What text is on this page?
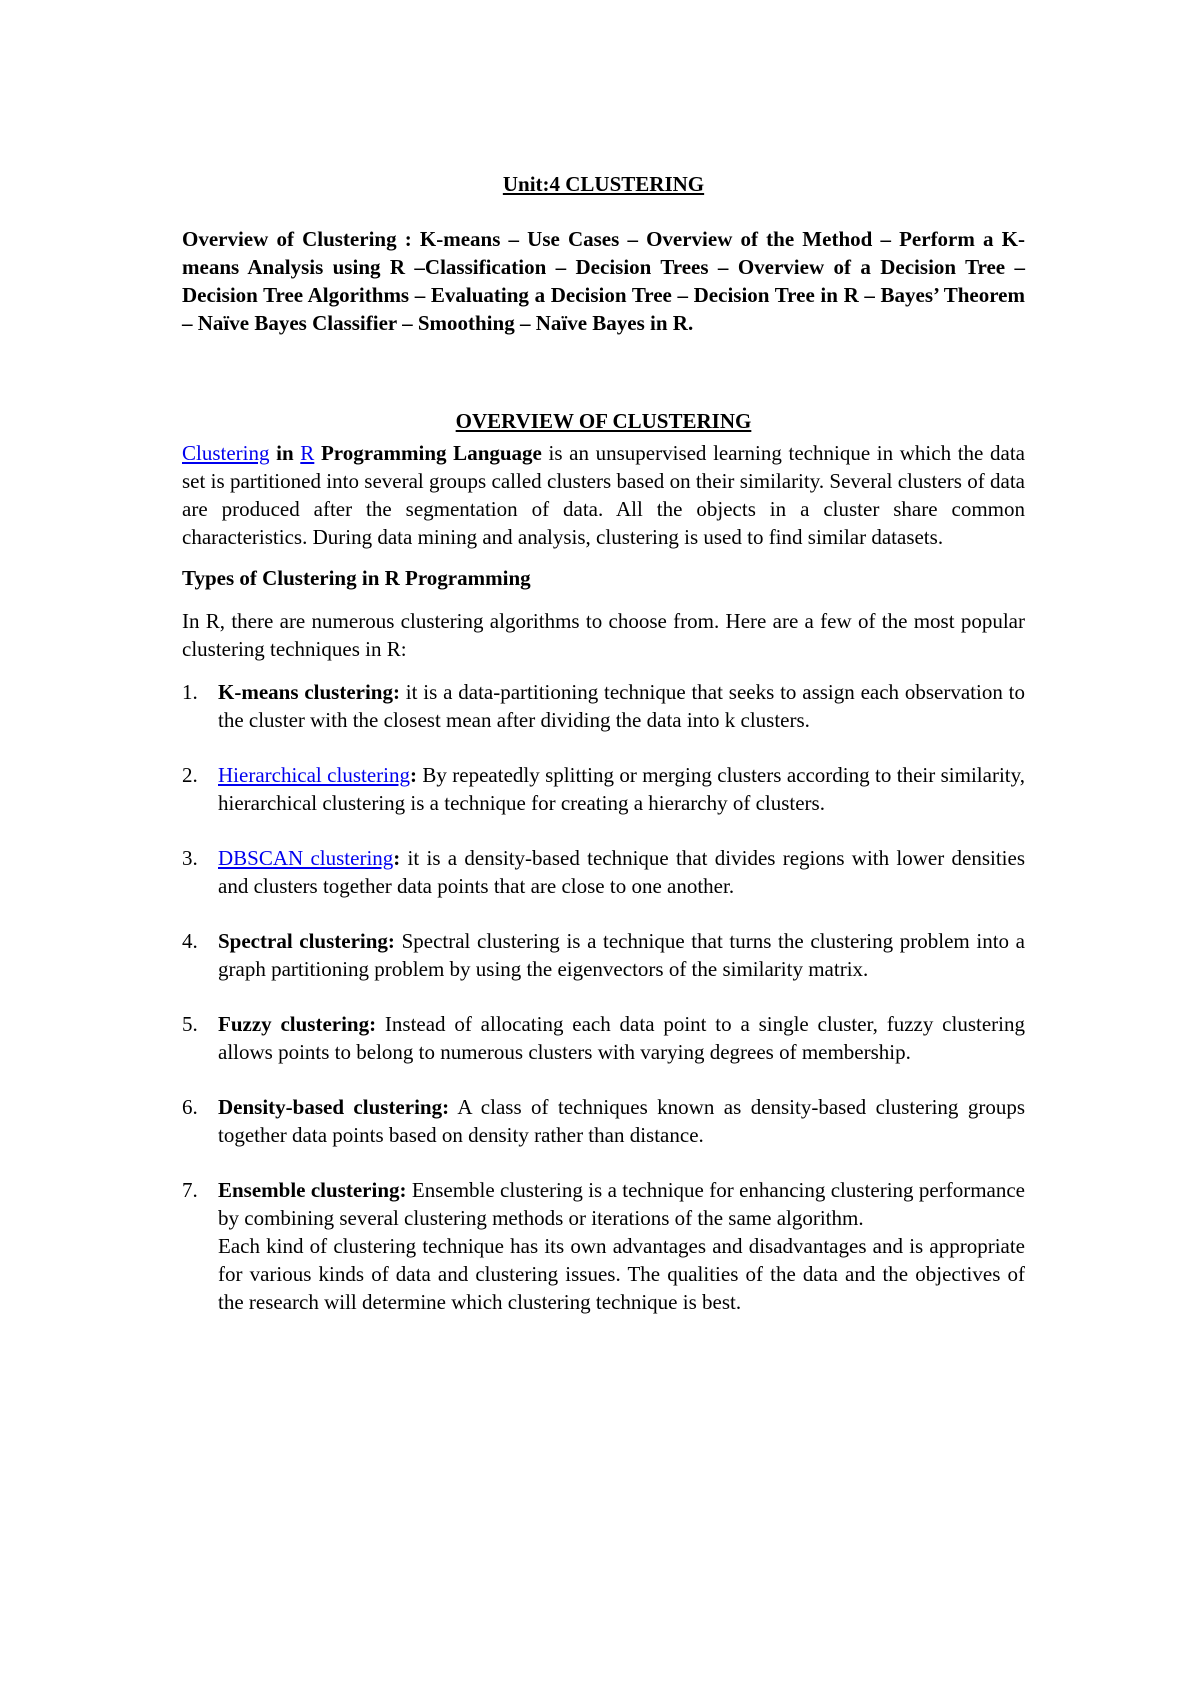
Unit:4 CLUSTERING
Overview of Clustering : K-means – Use Cases – Overview of the Method – Perform a K-means Analysis using R –Classification – Decision Trees – Overview of a Decision Tree – Decision Tree Algorithms – Evaluating a Decision Tree – Decision Tree in R – Bayes’ Theorem – Naïve Bayes Classifier – Smoothing – Naïve Bayes in R.
OVERVIEW OF CLUSTERING

Clustering in R Programming Language is an unsupervised learning technique in which the data set is partitioned into several groups called clusters based on their similarity. Several clusters of data are produced after the segmentation of data. All the objects in a cluster share common characteristics. During data mining and analysis, clustering is used to find similar datasets.

Types of Clustering in R Programming

In R, there are numerous clustering algorithms to choose from. Here are a few of the most popular clustering techniques in R:

1. K-means clustering: it is a data-partitioning technique that seeks to assign each observation to the cluster with the closest mean after dividing the data into k clusters.
2. Hierarchical clustering: By repeatedly splitting or merging clusters according to their similarity, hierarchical clustering is a technique for creating a hierarchy of clusters.
3. DBSCAN clustering: it is a density-based technique that divides regions with lower densities and clusters together data points that are close to one another.
4. Spectral clustering: Spectral clustering is a technique that turns the clustering problem into a graph partitioning problem by using the eigenvectors of the similarity matrix.
5. Fuzzy clustering: Instead of allocating each data point to a single cluster, fuzzy clustering allows points to belong to numerous clusters with varying degrees of membership.
6. Density-based clustering: A class of techniques known as density-based clustering groups together data points based on density rather than distance.
7. Ensemble clustering: Ensemble clustering is a technique for enhancing clustering performance by combining several clustering methods or iterations of the same algorithm.
Each kind of clustering technique has its own advantages and disadvantages and is appropriate for various kinds of data and clustering issues. The qualities of the data and the objectives of the research will determine which clustering technique is best.
